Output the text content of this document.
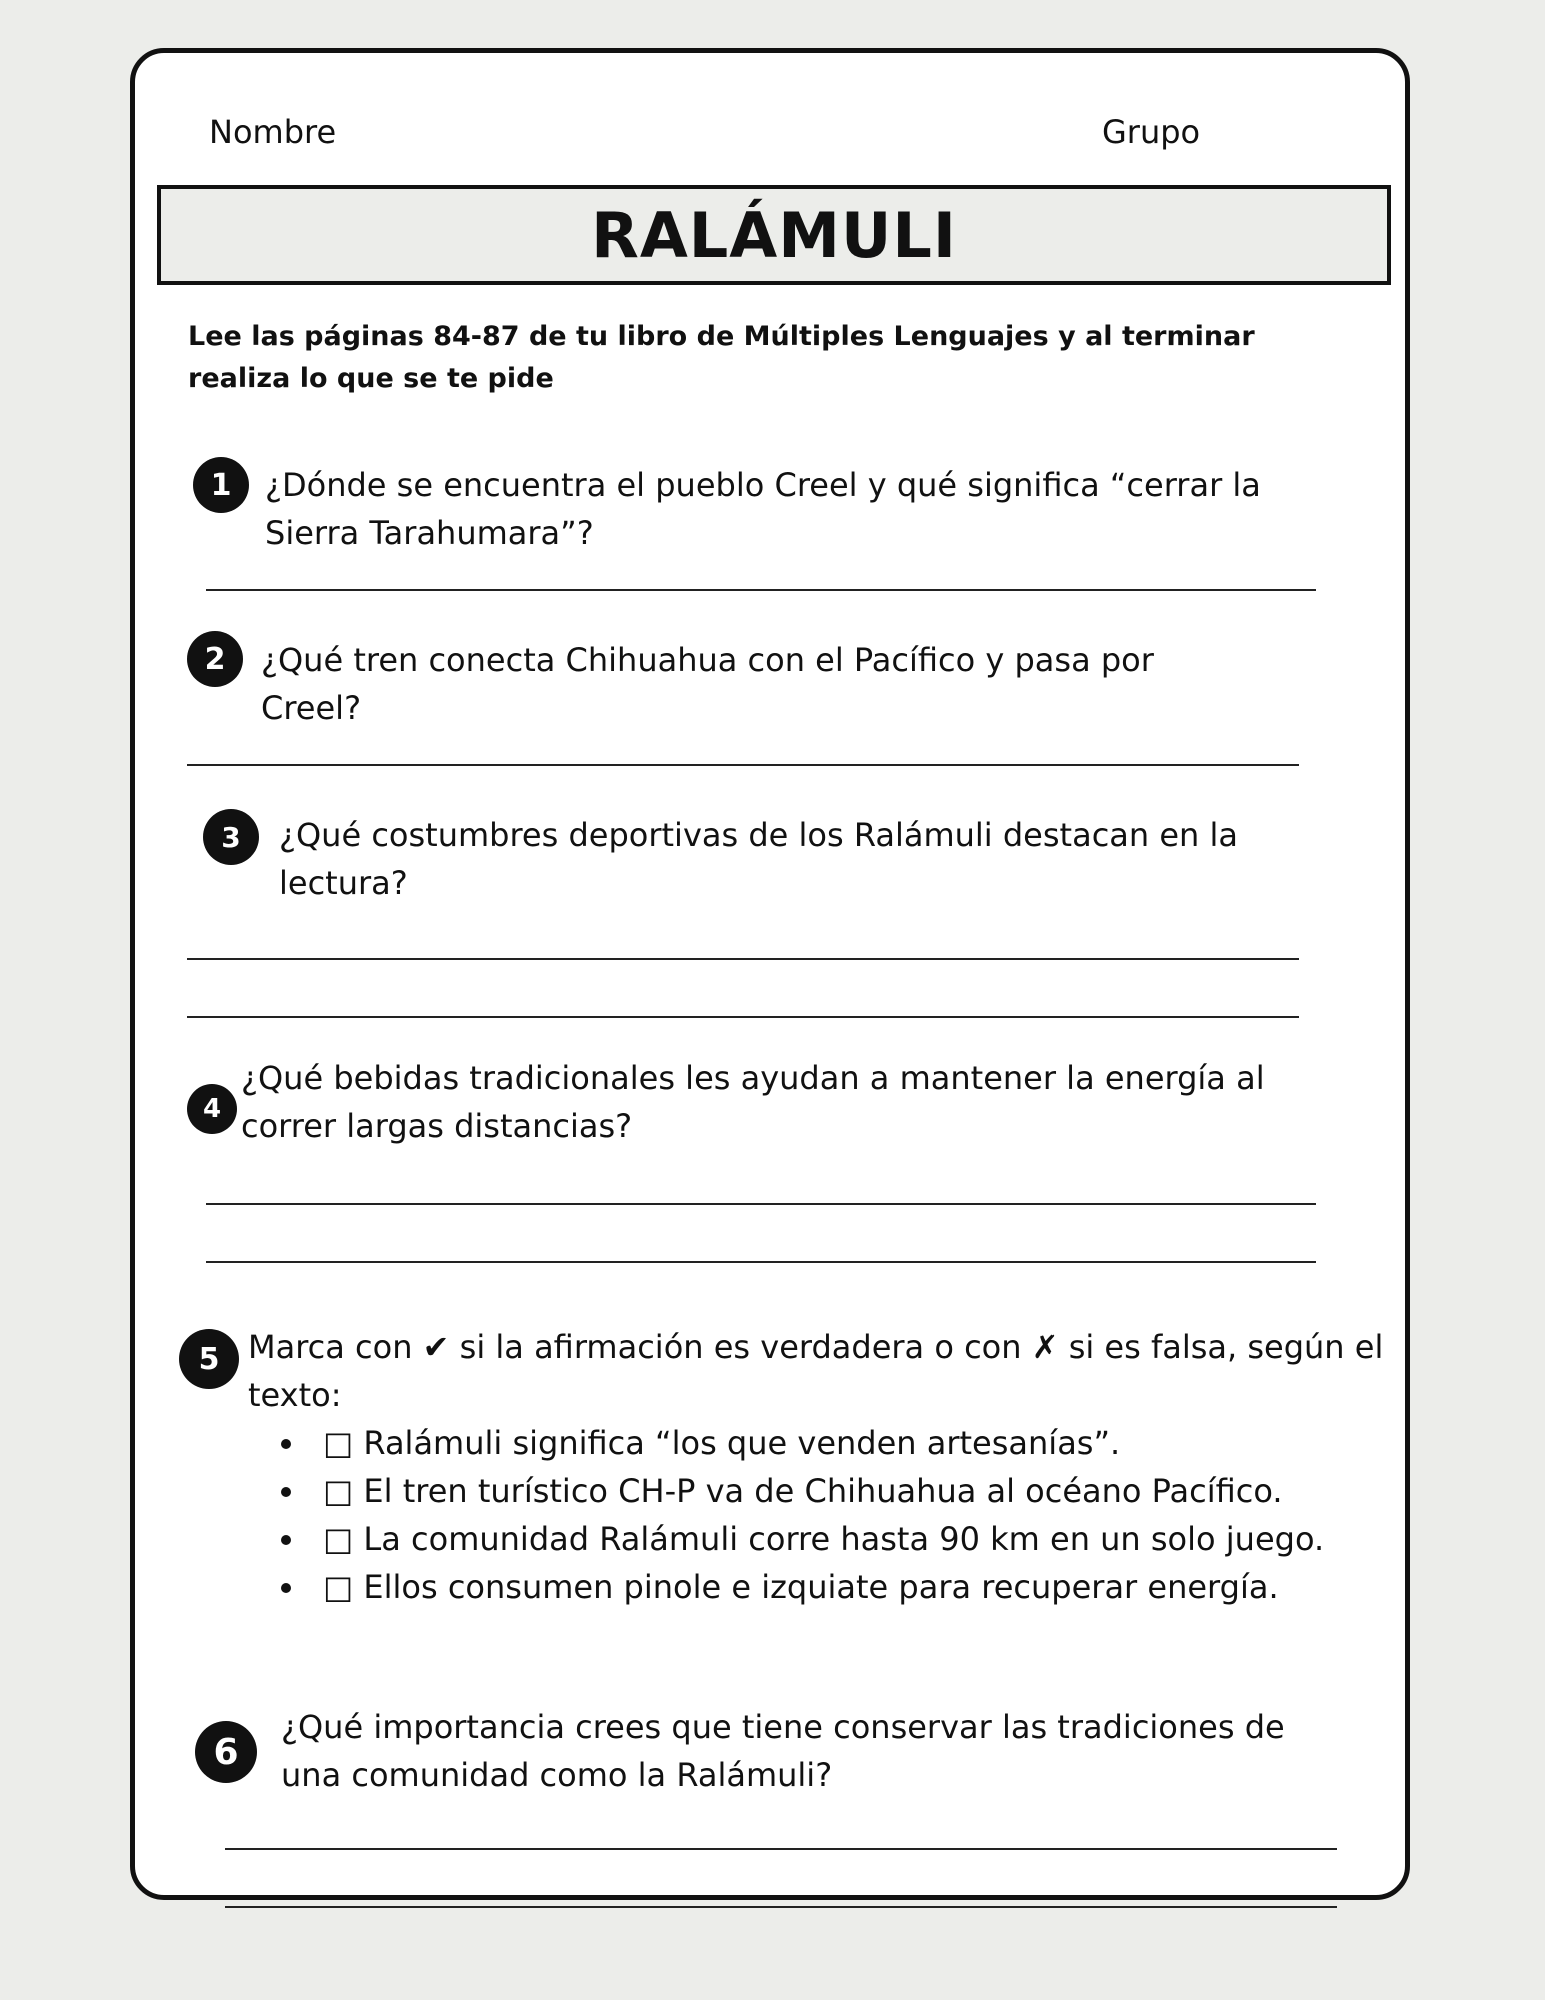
Nombre	Grupo
RALÁMULI
Lee las páginas 84-87 de tu libro de Múltiples Lenguajes y al terminar realiza lo que se te pide
1	¿Dónde se encuentra el pueblo Creel y qué significa “cerrar la Sierra Tarahumara”?
2	¿Qué tren conecta Chihuahua con el Pacífico y pasa por Creel?
3	¿Qué costumbres deportivas de los Ralámuli destacan en la lectura?
4
¿Qué bebidas tradicionales les ayudan a mantener la energía al correr largas distancias?
5 Marca con ✔ si la afirmación es verdadera o con ✗ si es falsa, según el texto:
□ Ralámuli significa “los que venden artesanías”.
□ El tren turístico CH-P va de Chihuahua al océano Pacífico.
□ La comunidad Ralámuli corre hasta 90 km en un solo juego.
□ Ellos consumen pinole e izquiate para recuperar energía.
6
¿Qué importancia crees que tiene conservar las tradiciones de una comunidad como la Ralámuli?
